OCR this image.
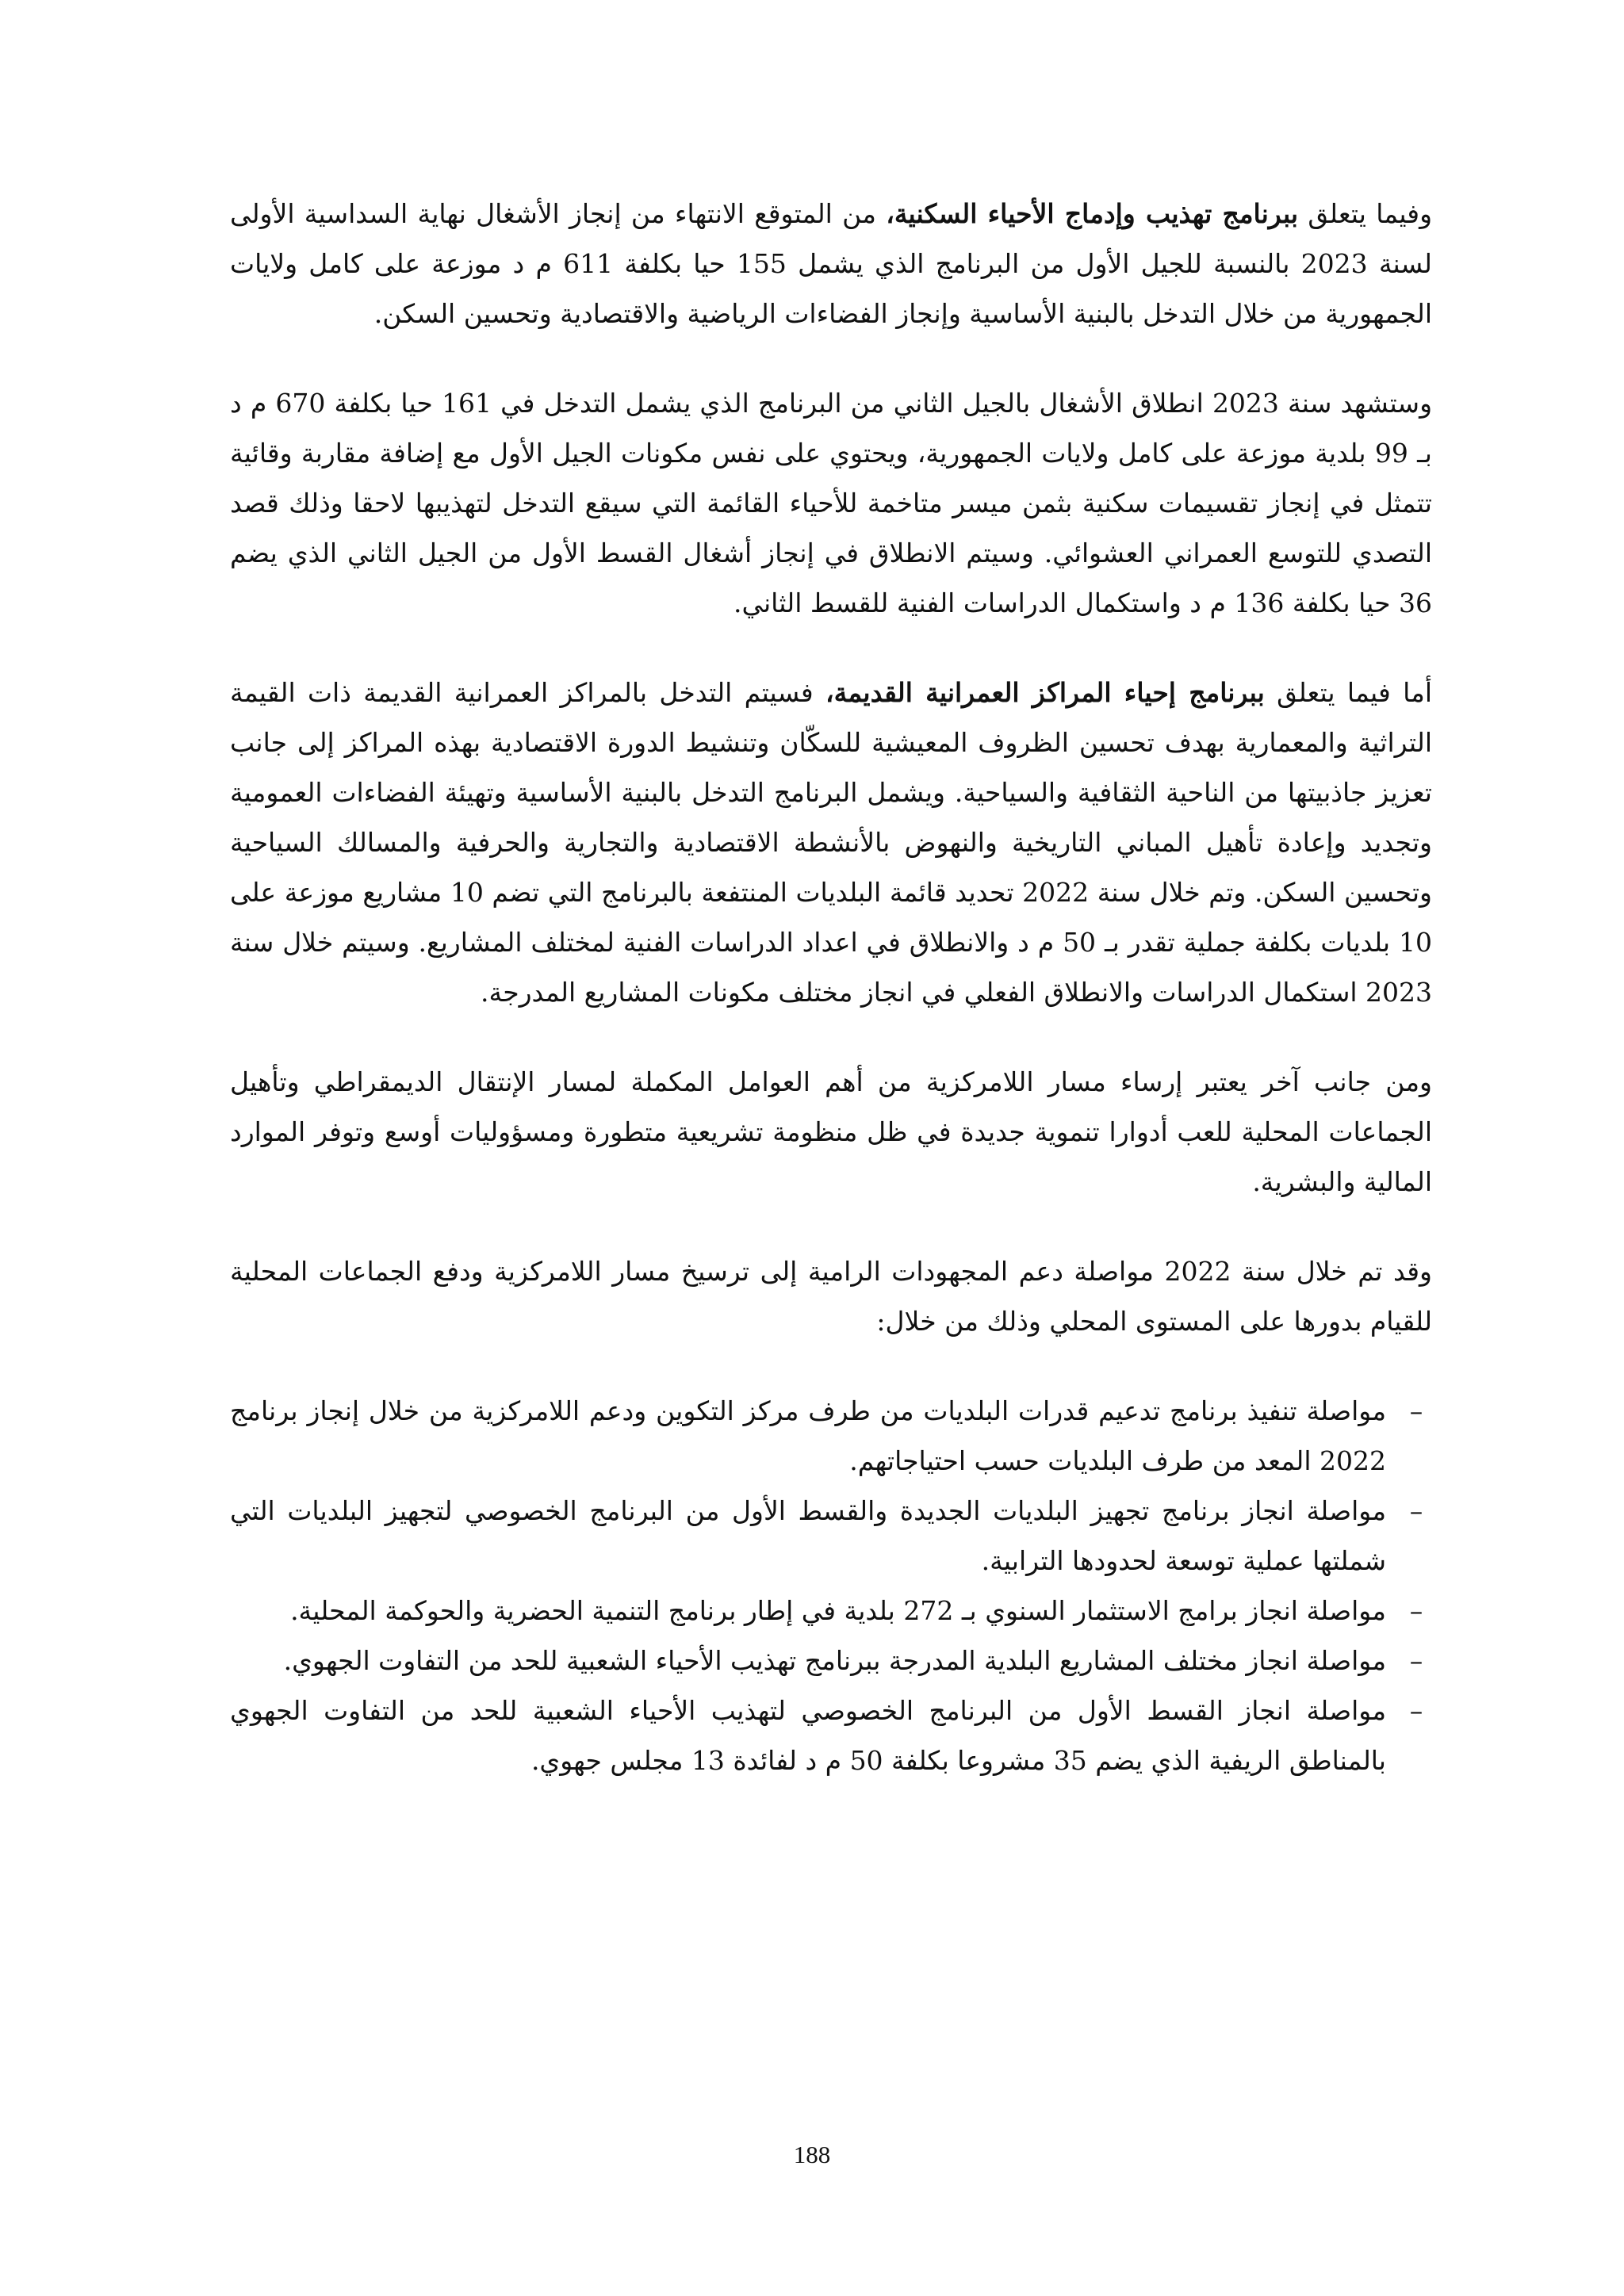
وفيما يتعلق ببرنامج تهذيب وإدماج الأحياء السكنية، من المتوقع الانتهاء من إنجاز الأشغال نهاية السداسية الأولى لسنة 2023 بالنسبة للجيل الأول من البرنامج الذي يشمل 155 حيا بكلفة 611 م د موزعة على كامل ولايات الجمهورية من خلال التدخل بالبنية الأساسية وإنجاز الفضاءات الرياضية والاقتصادية وتحسين السكن.

وستشهد سنة 2023 انطلاق الأشغال بالجيل الثاني من البرنامج الذي يشمل التدخل في 161 حيا بكلفة 670 م د بـ 99 بلدية موزعة على كامل ولايات الجمهورية، ويحتوي على نفس مكونات الجيل الأول مع إضافة مقاربة وقائية تتمثل في إنجاز تقسيمات سكنية بثمن ميسر متاخمة للأحياء القائمة التي سيقع التدخل لتهذيبها لاحقا وذلك قصد التصدي للتوسع العمراني العشوائي. وسيتم الانطلاق في إنجاز أشغال القسط الأول من الجيل الثاني الذي يضم 36 حيا بكلفة 136 م د واستكمال الدراسات الفنية للقسط الثاني.

أما فيما يتعلق ببرنامج إحياء المراكز العمرانية القديمة، فسيتم التدخل بالمراكز العمرانية القديمة ذات القيمة التراثية والمعمارية بهدف تحسين الظروف المعيشية للسكّان وتنشيط الدورة الاقتصادية بهذه المراكز إلى جانب تعزيز جاذبيتها من الناحية الثقافية والسياحية. ويشمل البرنامج التدخل بالبنية الأساسية وتهيئة الفضاءات العمومية وتجديد وإعادة تأهيل المباني التاريخية والنهوض بالأنشطة الاقتصادية والتجارية والحرفية والمسالك السياحية وتحسين السكن. وتم خلال سنة 2022 تحديد قائمة البلديات المنتفعة بالبرنامج التي تضم 10 مشاريع موزعة على 10 بلديات بكلفة جملية تقدر بـ 50 م د والانطلاق في اعداد الدراسات الفنية لمختلف المشاريع. وسيتم خلال سنة 2023 استكمال الدراسات والانطلاق الفعلي في انجاز مختلف مكونات المشاريع المدرجة.

ومن جانب آخر يعتبر إرساء مسار اللامركزية من أهم العوامل المكملة لمسار الإنتقال الديمقراطي وتأهيل الجماعات المحلية للعب أدوارا تنموية جديدة في ظل منظومة تشريعية متطورة ومسؤوليات أوسع وتوفر الموارد المالية والبشرية.

وقد تم خلال سنة 2022 مواصلة دعم المجهودات الرامية إلى ترسيخ مسار اللامركزية ودفع الجماعات المحلية للقيام بدورها على المستوى المحلي وذلك من خلال:

–
مواصلة تنفيذ برنامج تدعيم قدرات البلديات من طرف مركز التكوين ودعم اللامركزية من خلال إنجاز برنامج 2022 المعد من طرف البلديات حسب احتياجاتهم.
–
مواصلة انجاز برنامج تجهيز البلديات الجديدة والقسط الأول من البرنامج الخصوصي لتجهيز البلديات التي شملتها عملية توسعة لحدودها الترابية.
–
مواصلة انجاز برامج الاستثمار السنوي بـ 272 بلدية في إطار برنامج التنمية الحضرية والحوكمة المحلية.
–
مواصلة انجاز مختلف المشاريع البلدية المدرجة ببرنامج تهذيب الأحياء الشعبية للحد من التفاوت الجهوي.
–
مواصلة انجاز القسط الأول من البرنامج الخصوصي لتهذيب الأحياء الشعبية للحد من التفاوت الجهوي بالمناطق الريفية الذي يضم 35 مشروعا بكلفة 50 م د لفائدة 13 مجلس جهوي.
188
